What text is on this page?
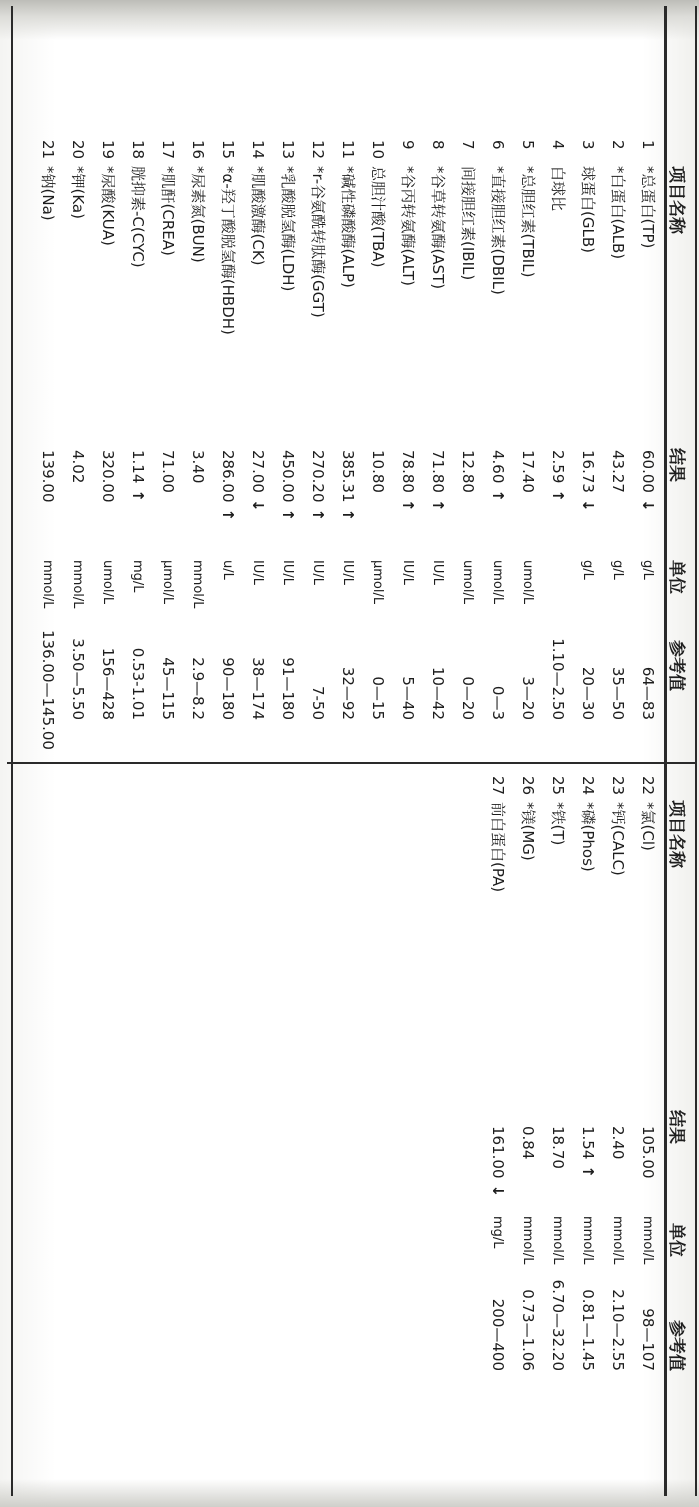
项目名称
结果
单位
参考值
项目名称
结果
单位
参考值
1
*总蛋白(TP)
60.00↓
g/L
64—83
2
*白蛋白(ALB)
43.27
g/L
35—50
3
球蛋白(GLB)
16.73↓
g/L
20—30
4
白球比
2.59↑
1.10—2.50
5
*总胆红素(TBIL)
17.40
umol/L
3—20
6
*直接胆红素(DBIL)
4.60↑
umol/L
0—3
7
间接胆红素(IBIL)
12.80
umol/L
0—20
8
*谷草转氨酶(AST)
71.80↑
IU/L
10—42
9
*谷丙转氨酶(ALT)
78.80↑
IU/L
5—40
10
总胆汁酸(TBA)
10.80
μmol/L
0—15
11
*碱性磷酸酶(ALP)
385.31↑
IU/L
32—92
12
*r-谷氨酰转肽酶(GGT)
270.20↑
IU/L
7-50
13
*乳酸脱氢酶(LDH)
450.00↑
IU/L
91—180
14
*肌酸激酶(CK)
27.00↓
IU/L
38—174
15
*α-羟丁酸脱氢酶(HBDH)
286.00↑
u/L
90—180
16
*尿素氮(BUN)
3.40
mmol/L
2.9—8.2
17
*肌酐(CREA)
71.00
μmol/L
45—115
18
胱抑素-C(CYC)
1.14↑
mg/L
0.53-1.01
19
*尿酸(KUA)
320.00
umol/L
156—428
20
*钾(Ka)
4.02
mmol/L
3.50—5.50
21
*钠(Na)
139.00
mmol/L
136.00—145.00
22
*氯(Cl)
105.00
mmol/L
98—107
23
*钙(CALC)
2.40
mmol/L
2.10—2.55
24
*磷(Phos)
1.54↑
mmol/L
0.81—1.45
25
*铁(T)
18.70
mmol/L
6.70—32.20
26
*镁(MG)
0.84
mmol/L
0.73—1.06
27
前白蛋白(PA)
161.00↓
mg/L
200—400
